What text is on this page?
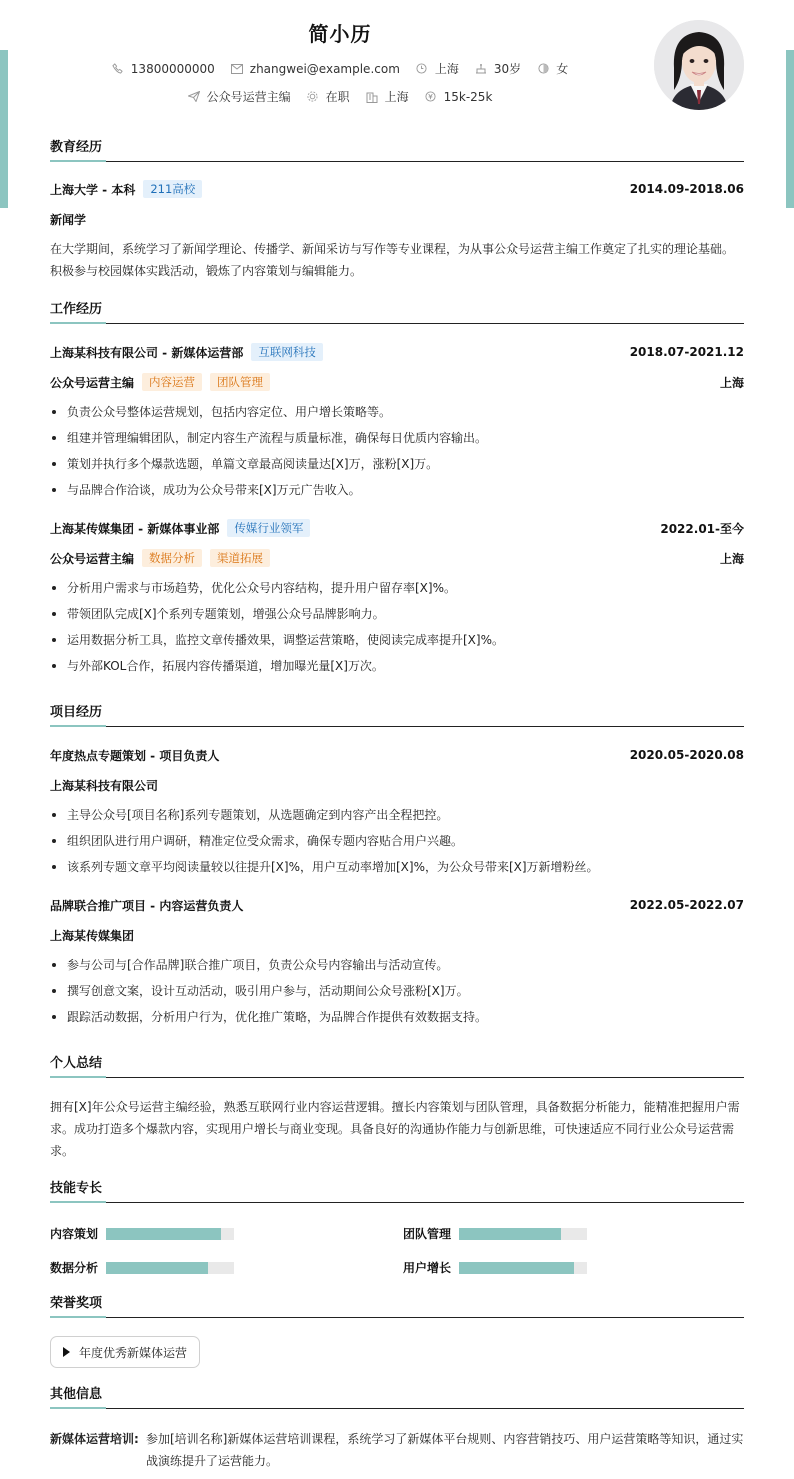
简小历
13800000000	zhangwei@example.com	上海	30岁	女
公众号运营主编	在职	上海	15k-25k
教育经历
上海大学 - 本科	211高校	2014.09-2018.06
新闻学
在大学期间，系统学习了新闻学理论、传播学、新闻采访与写作等专业课程，为从事公众号运营主编工作奠定了扎实的理论基础。积极参与校园媒体实践活动，锻炼了内容策划与编辑能力。
工作经历
上海某科技有限公司 - 新媒体运营部	互联网科技	2018.07-2021.12
公众号运营主编	内容运营	团队管理	上海
负责公众号整体运营规划，包括内容定位、用户增长策略等。
组建并管理编辑团队，制定内容生产流程与质量标准，确保每日优质内容输出。
策划并执行多个爆款选题，单篇文章最高阅读量达[X]万，涨粉[X]万。
与品牌合作洽谈，成功为公众号带来[X]万元广告收入。
上海某传媒集团 - 新媒体事业部	传媒行业领军	2022.01-至今
公众号运营主编	数据分析	渠道拓展	上海
分析用户需求与市场趋势，优化公众号内容结构，提升用户留存率[X]%。
带领团队完成[X]个系列专题策划，增强公众号品牌影响力。
运用数据分析工具，监控文章传播效果，调整运营策略，使阅读完成率提升[X]%。
与外部KOL合作，拓展内容传播渠道，增加曝光量[X]万次。
项目经历
年度热点专题策划 - 项目负责人	2020.05-2020.08
上海某科技有限公司
主导公众号[项目名称]系列专题策划，从选题确定到内容产出全程把控。
组织团队进行用户调研，精准定位受众需求，确保专题内容贴合用户兴趣。
该系列专题文章平均阅读量较以往提升[X]%，用户互动率增加[X]%，为公众号带来[X]万新增粉丝。
品牌联合推广项目 - 内容运营负责人	2022.05-2022.07
上海某传媒集团
参与公司与[合作品牌]联合推广项目，负责公众号内容输出与活动宣传。
撰写创意文案，设计互动活动，吸引用户参与，活动期间公众号涨粉[X]万。
跟踪活动数据，分析用户行为，优化推广策略，为品牌合作提供有效数据支持。
个人总结
拥有[X]年公众号运营主编经验，熟悉互联网行业内容运营逻辑。擅长内容策划与团队管理，具备数据分析能力，能精准把握用户需求。成功打造多个爆款内容，实现用户增长与商业变现。具备良好的沟通协作能力与创新思维，可快速适应不同行业公众号运营需求。
技能专长
内容策划	团队管理
数据分析	用户增长
荣誉奖项
年度优秀新媒体运营
其他信息
新媒体运营培训: 参加[培训名称]新媒体运营培训课程，系统学习了新媒体平台规则、内容营销技巧、用户运营策略等知识，通过实战演练提升了运营能力。
